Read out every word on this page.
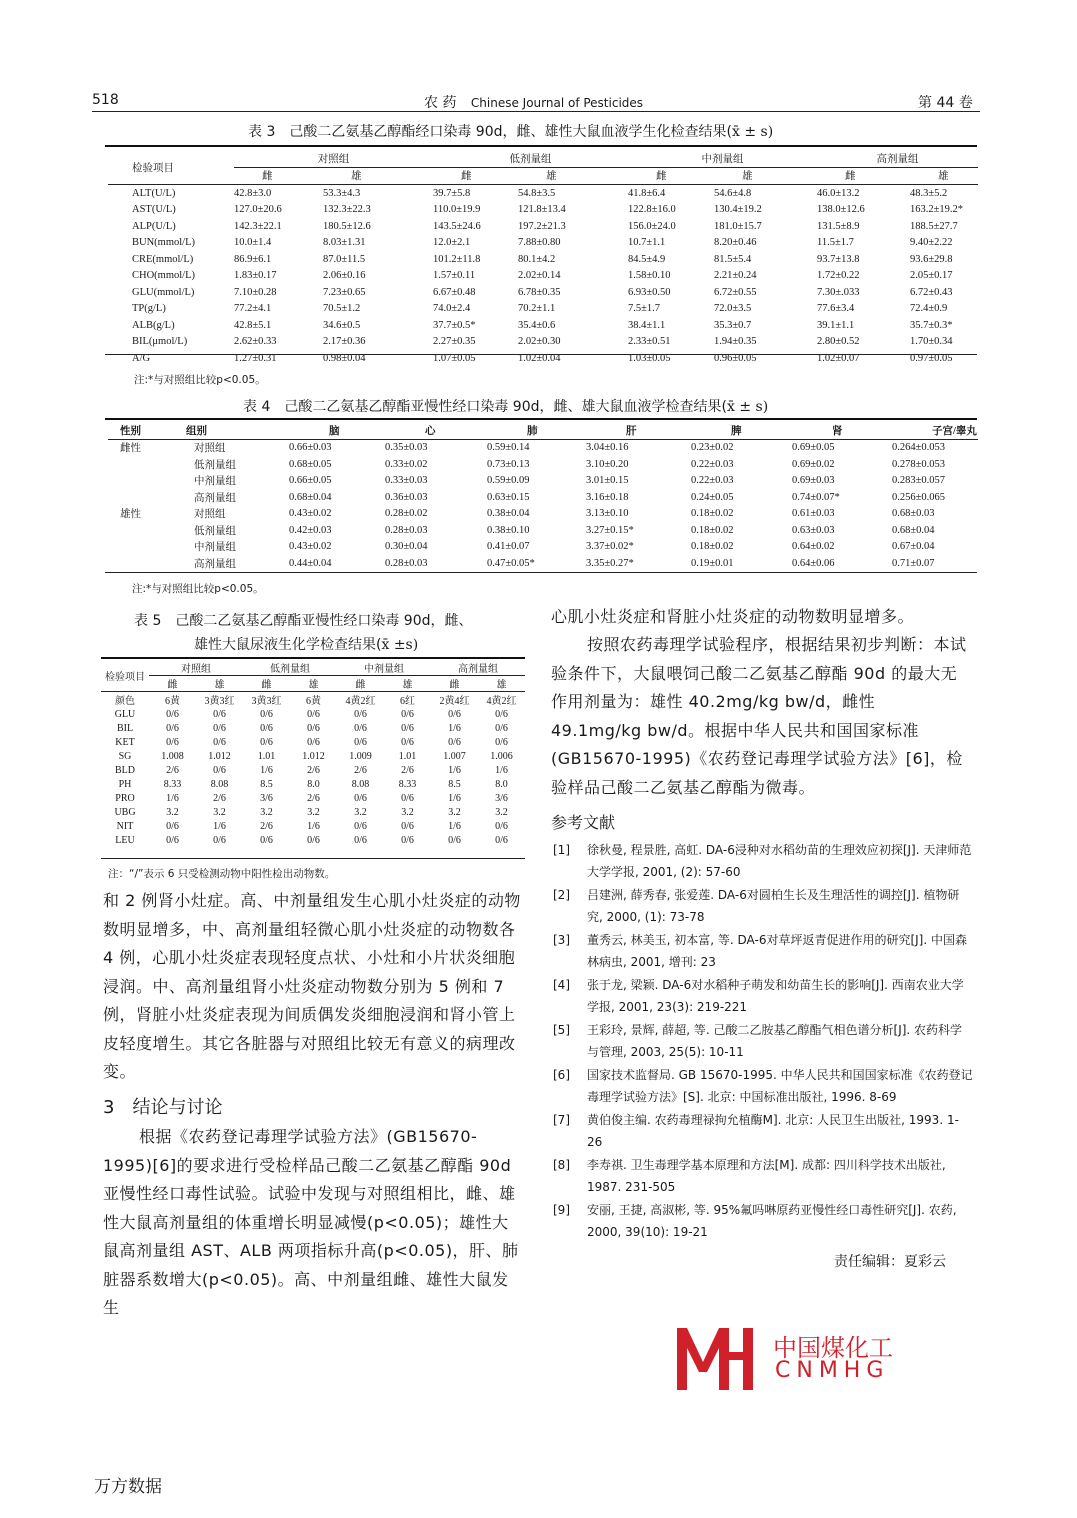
518	农 药 Chinese Journal of Pesticides	第 44 卷
表 3　己酸二乙氨基乙醇酯经口染毒 90d，雌、雄性大鼠血液学生化检查结果(x̄ ± s)
检验项目	对照组		低剂量组		中剂量组		高剂量组	
	雌	雄	雌	雄	雌	雄	雌	雄
ALT(U/L)	42.8±3.0	53.3±4.3	39.7±5.8	54.8±3.5	41.8±6.4	54.6±4.8	46.0±13.2	48.3±5.2
AST(U/L)	127.0±20.6	132.3±22.3	110.0±19.9	121.8±13.4	122.8±16.0	130.4±19.2	138.0±12.6	163.2±19.2*
ALP(U/L)	142.3±22.1	180.5±12.6	143.5±24.6	197.2±21.3	156.0±24.0	181.0±15.7	131.5±8.9	188.5±27.7
BUN(mmol/L)	10.0±1.4	8.03±1.31	12.0±2.1	7.88±0.80	10.7±1.1	8.20±0.46	11.5±1.7	9.40±2.22
CRE(mmol/L)	86.9±6.1	87.0±11.5	101.2±11.8	80.1±4.2	84.5±4.9	81.5±5.4	93.7±13.8	93.6±29.8
CHO(mmol/L)	1.83±0.17	2.06±0.16	1.57±0.11	2.02±0.14	1.58±0.10	2.21±0.24	1.72±0.22	2.05±0.17
GLU(mmol/L)	7.10±0.28	7.23±0.65	6.67±0.48	6.78±0.35	6.93±0.50	6.72±0.55	7.30±.033	6.72±0.43
TP(g/L)	77.2±4.1	70.5±1.2	74.0±2.4	70.2±1.1	7.5±1.7	72.0±3.5	77.6±3.4	72.4±0.9
ALB(g/L)	42.8±5.1	34.6±0.5	37.7±0.5*	35.4±0.6	38.4±1.1	35.3±0.7	39.1±1.1	35.7±0.3*
BIL(μmol/L)	2.62±0.33	2.17±0.36	2.27±0.35	2.02±0.30	2.33±0.51	1.94±0.35	2.80±0.52	1.70±0.34
A/G	1.27±0.31	0.98±0.04	1.07±0.05	1.02±0.04	1.03±0.05	0.96±0.05	1.02±0.07	0.97±0.05
注:*与对照组比较p<0.05。
表 4　己酸二乙氨基乙醇酯亚慢性经口染毒 90d，雌、雄大鼠血液学检查结果(x̄ ± s)
性别	组别	脑	心	肺	肝	脾	肾	子宫/睾丸
雌性	对照组	0.66±0.03	0.35±0.03	0.59±0.14	3.04±0.16	0.23±0.02	0.69±0.05	0.264±0.053
	低剂量组	0.68±0.05	0.33±0.02	0.73±0.13	3.10±0.20	0.22±0.03	0.69±0.02	0.278±0.053
	中剂量组	0.66±0.05	0.33±0.03	0.59±0.09	3.01±0.15	0.22±0.03	0.69±0.03	0.283±0.057
	高剂量组	0.68±0.04	0.36±0.03	0.63±0.15	3.16±0.18	0.24±0.05	0.74±0.07*	0.256±0.065
雄性	对照组	0.43±0.02	0.28±0.02	0.38±0.04	3.13±0.10	0.18±0.02	0.61±0.03	0.68±0.03
	低剂量组	0.42±0.03	0.28±0.03	0.38±0.10	3.27±0.15*	0.18±0.02	0.63±0.03	0.68±0.04
	中剂量组	0.43±0.02	0.30±0.04	0.41±0.07	3.37±0.02*	0.18±0.02	0.64±0.02	0.67±0.04
	高剂量组	0.44±0.04	0.28±0.03	0.47±0.05*	3.35±0.27*	0.19±0.01	0.64±0.06	0.71±0.07
注:*与对照组比较p<0.05。
表 5　己酸二乙氨基乙醇酯亚慢性经口染毒 90d，雌、
雄性大鼠尿液生化学检查结果(x̄ ±s)
检验项目	对照组		低剂量组		中剂量组		高剂量组	
	雌	雄	雌	雄	雌	雄	雌	雄
颜色	6黄	3黄3红	3黄3红	6黄	4黄2红	6红	2黄4红	4黄2红
GLU	0/6	0/6	0/6	0/6	0/6	0/6	0/6	0/6
BIL	0/6	0/6	0/6	0/6	0/6	0/6	1/6	0/6
KET	0/6	0/6	0/6	0/6	0/6	0/6	0/6	0/6
SG	1.008	1.012	1.01	1.012	1.009	1.01	1.007	1.006
BLD	2/6	0/6	1/6	2/6	2/6	2/6	1/6	1/6
PH	8.33	8.08	8.5	8.0	8.08	8.33	8.5	8.0
PRO	1/6	2/6	3/6	2/6	0/6	0/6	1/6	3/6
UBG	3.2	3.2	3.2	3.2	3.2	3.2	3.2	3.2
NIT	0/6	1/6	2/6	1/6	0/6	0/6	1/6	0/6
LEU	0/6	0/6	0/6	0/6	0/6	0/6	0/6	0/6
注：“/”表示 6 只受检测动物中阳性检出动物数。
和 2 例肾小灶症。高、中剂量组发生心肌小灶炎症的动物数明显增多，中、高剂量组轻微心肌小灶炎症的动物数各 4 例，心肌小灶炎症表现轻度点状、小灶和小片状炎细胞浸润。中、高剂量组肾小灶炎症动物数分别为 5 例和 7 例，肾脏小灶炎症表现为间质偶发炎细胞浸润和肾小管上皮轻度增生。其它各脏器与对照组比较无有意义的病理改变。
3　结论与讨论
根据《农药登记毒理学试验方法》(GB15670-1995)[6]的要求进行受检样品己酸二乙氨基乙醇酯 90d 亚慢性经口毒性试验。试验中发现与对照组相比，雌、雄性大鼠高剂量组的体重增长明显减慢(p<0.05)；雄性大鼠高剂量组 AST、ALB 两项指标升高(p<0.05)，肝、肺脏器系数增大(p<0.05)。高、中剂量组雌、雄性大鼠发生
心肌小灶炎症和肾脏小灶炎症的动物数明显增多。
按照农药毒理学试验程序，根据结果初步判断：本试验条件下，大鼠喂饲己酸二乙氨基乙醇酯 90d 的最大无作用剂量为：雄性 40.2mg/kg bw/d，雌性 49.1mg/kg bw/d。根据中华人民共和国国家标准(GB15670-1995)《农药登记毒理学试验方法》[6]，检验样品己酸二乙氨基乙醇酯为微毒。
参考文献
[1] 徐秋曼, 程景胜, 高虹. DA-6浸种对水稻幼苗的生理效应初探[J]. 天津师范大学学报, 2001, (2): 57-60
[2] 吕建洲, 薛秀春, 张爱莲. DA-6对圆柏生长及生理活性的调控[J]. 植物研究, 2000, (1): 73-78
[3] 董秀云, 林美玉, 初本富, 等. DA-6对草坪返青促进作用的研究[J]. 中国森林病虫, 2001, 增刊: 23
[4] 张于龙, 梁颖. DA-6对水稻种子萌发和幼苗生长的影响[J]. 西南农业大学学报, 2001, 23(3): 219-221
[5] 王彩玲, 景辉, 薛超, 等. 己酸二乙胺基乙醇酯气相色谱分析[J]. 农药科学与管理, 2003, 25(5): 10-11
[6] 国家技术监督局. GB 15670-1995. 中华人民共和国国家标准《农药登记毒理学试验方法》[S]. 北京: 中国标准出版社, 1996. 8-69
[7] 黄伯俊主编. 农药毒理禄拘允植酶M]. 北京: 人民卫生出版社, 1993. 1-26
[8] 李寿祺. 卫生毒理学基本原理和方法[M]. 成都: 四川科学技术出版社, 1987. 231-505
[9] 安丽, 王捷, 高淑彬, 等. 95%氟吗啉原药亚慢性经口毒性研究[J]. 农药, 2000, 39(10): 19-21
责任编辑：夏彩云
中国煤化工
CNMHG
万方数据
